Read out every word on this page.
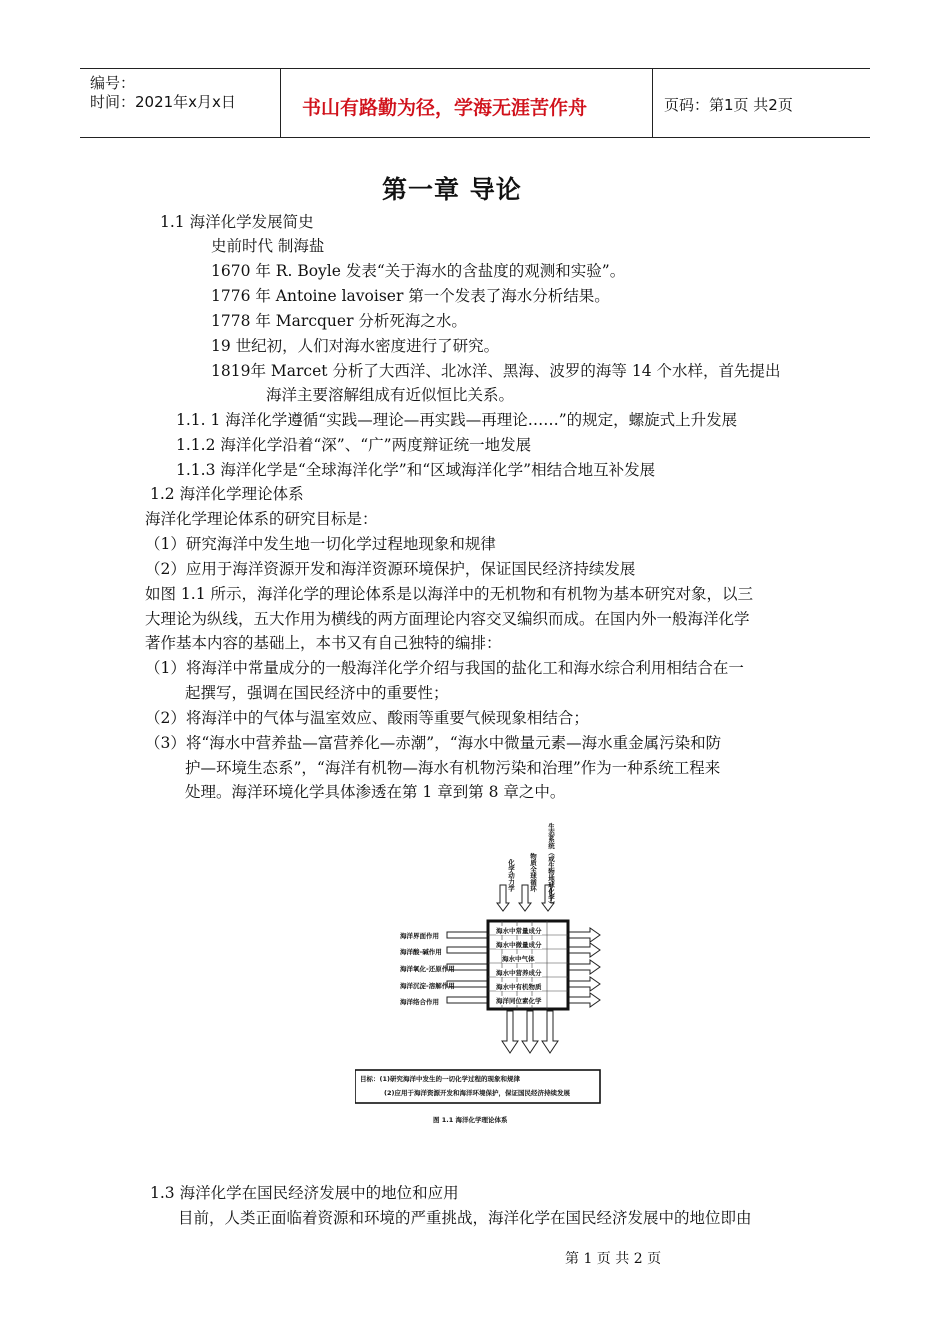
编号：
时间：2021年x月x日	书山有路勤为径，学海无涯苦作舟	页码：第1页 共2页
第一章 导论
1.1 海洋化学发展简史
史前时代 制海盐
1670 年 R. Boyle 发表“关于海水的含盐度的观测和实验”。
1776 年 Antoine lavoiser 第一个发表了海水分析结果。
1778 年 Marcquer 分析死海之水。
19 世纪初，人们对海水密度进行了研究。
1819年 Marcet 分析了大西洋、北冰洋、黑海、波罗的海等 14 个水样，首先提出
海洋主要溶解组成有近似恒比关系。
1.1. 1 海洋化学遵循“实践—理论—再实践—再理论……”的规定，螺旋式上升发展
1.1.2 海洋化学沿着“深”、“广”两度辩证统一地发展
1.1.3 海洋化学是“全球海洋化学”和“区域海洋化学”相结合地互补发展
1.2 海洋化学理论体系
海洋化学理论体系的研究目标是：
（1）研究海洋中发生地一切化学过程地现象和规律
（2）应用于海洋资源开发和海洋资源环境保护，保证国民经济持续发展
如图 1.1 所示，海洋化学的理论体系是以海洋中的无机物和有机物为基本研究对象，以三
大理论为纵线，五大作用为横线的两方面理论内容交叉编织而成。在国内外一般海洋化学
著作基本内容的基础上，本书又有自己独特的编排：
（1）将海洋中常量成分的一般海洋化学介绍与我国的盐化工和海水综合利用相结合在一
起撰写，强调在国民经济中的重要性；
（2）将海洋中的气体与温室效应、酸雨等重要气候现象相结合；
（3）将“海水中营养盐—富营养化—赤潮”，“海水中微量元素—海水重金属污染和防
护—环境生态系”，“海洋有机物—海水有机物污染和治理”作为一种系统工程来
处理。海洋环境化学具体渗透在第 1 章到第 8 章之中。
化学动力学 物质全球循环 生态系统（或生物地球化学）
海洋界面作用
海洋酸-碱作用
海洋氧化-还原作用
海洋沉淀-溶解作用
海洋络合作用
海水中常量成分
海水中微量成分
海水中气体
海水中营养成分
海水中有机物质
海洋同位素化学
目标：(1)研究海洋中发生的一切化学过程的现象和规律
(2)应用于海洋资源开发和海洋环境保护，保证国民经济持续发展
图 1.1 海洋化学理论体系
1.3 海洋化学在国民经济发展中的地位和应用
目前，人类正面临着资源和环境的严重挑战，海洋化学在国民经济发展中的地位即由
第 1 页 共 2 页
